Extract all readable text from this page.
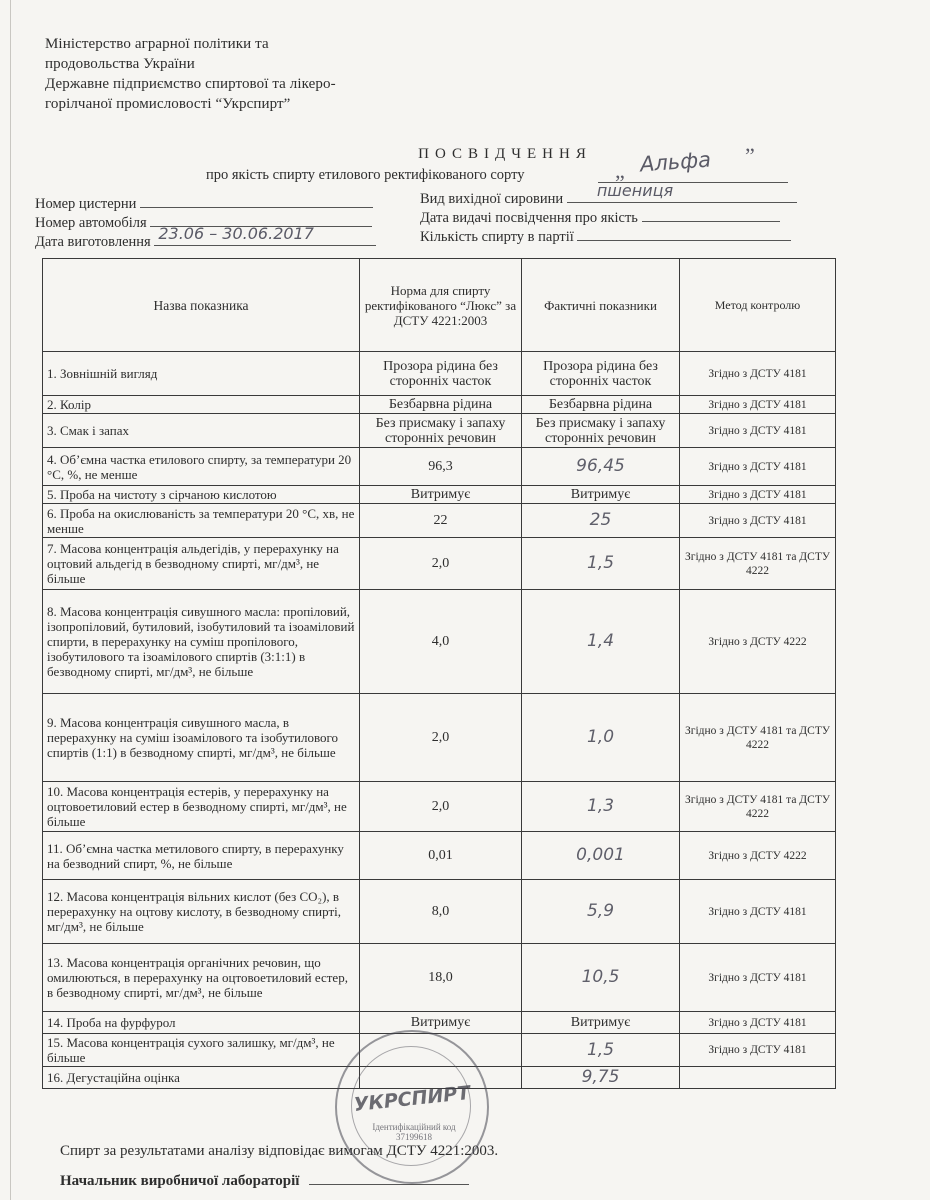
Міністерство аграрної політики та
продовольства України
Державне підприємство спиртової та лікеро-
горілчаної промисловості “Укрспирт”
ПОСВІДЧЕННЯ
про якість спирту етилового ректифікованого сорту	„ Альфа ”
Номер цистерни
Номер автомобіля
Дата виготовлення 23.06 – 30.06.2017
Вид вихідної сировини пшениця
Дата видачі посвідчення про якість
Кількість спирту в партії
Назва показника	Норма для спирту ректифікованого “Люкс” за ДСТУ 4221:2003	Фактичні показники	Метод контролю
1. Зовнішній вигляд	Прозора рідина без сторонніх часток	Прозора рідина без сторонніх часток	Згідно з ДСТУ 4181
2. Колір	Безбарвна рідина	Безбарвна рідина	Згідно з ДСТУ 4181
3. Смак і запах	Без присмаку і запаху сторонніх речовин	Без присмаку і запаху сторонніх речовин	Згідно з ДСТУ 4181
4. Об’ємна частка етилового спирту, за температури 20 °С, %, не менше	96,3	96,45	Згідно з ДСТУ 4181
5. Проба на чистоту з сірчаною кислотою	Витримує	Витримує	Згідно з ДСТУ 4181
6. Проба на окислюваність за температури 20 °С, хв, не менше	22	25	Згідно з ДСТУ 4181
7. Масова концентрація альдегідів, у перерахунку на оцтовий альдегід в безводному спирті, мг/дм³, не більше	2,0	1,5	Згідно з ДСТУ 4181 та ДСТУ 4222
8. Масова концентрація сивушного масла: пропіловий, ізопропіловий, бутиловий, ізобутиловий та ізоаміловий спирти, в перерахунку на суміш пропілового, ізобутилового та ізоамілового спиртів (3:1:1) в безводному спирті, мг/дм³, не більше	4,0	1,4	Згідно з ДСТУ 4222
9. Масова концентрація сивушного масла, в перерахунку на суміш ізоамілового та ізобутилового спиртів (1:1) в безводному спирті, мг/дм³, не більше	2,0	1,0	Згідно з ДСТУ 4181 та ДСТУ 4222
10. Масова концентрація естерів, у перерахунку на оцтовоетиловий естер в безводному спирті, мг/дм³, не більше	2,0	1,3	Згідно з ДСТУ 4181 та ДСТУ 4222
11. Об’ємна частка метилового спирту, в перерахунку на безводний спирт, %, не більше	0,01	0,001	Згідно з ДСТУ 4222
12. Масова концентрація вільних кислот (без CO₂), в перерахунку на оцтову кислоту, в безводному спирті, мг/дм³, не більше	8,0	5,9	Згідно з ДСТУ 4181
13. Масова концентрація органічних речовин, що омилюються, в перерахунку на оцтовоетиловий естер, в безводному спирті, мг/дм³, не більше	18,0	10,5	Згідно з ДСТУ 4181
14. Проба на фурфурол	Витримує	Витримує	Згідно з ДСТУ 4181
15. Масова концентрація сухого залишку, мг/дм³, не більше		1,5	Згідно з ДСТУ 4181
16. Дегустаційна оцінка		9,75	
Спирт за результатами аналізу відповідає вимогам ДСТУ 4221:2003.
Начальник виробничої лабораторії
УКРСПИРТ
Ідентифікаційний код 37199618
